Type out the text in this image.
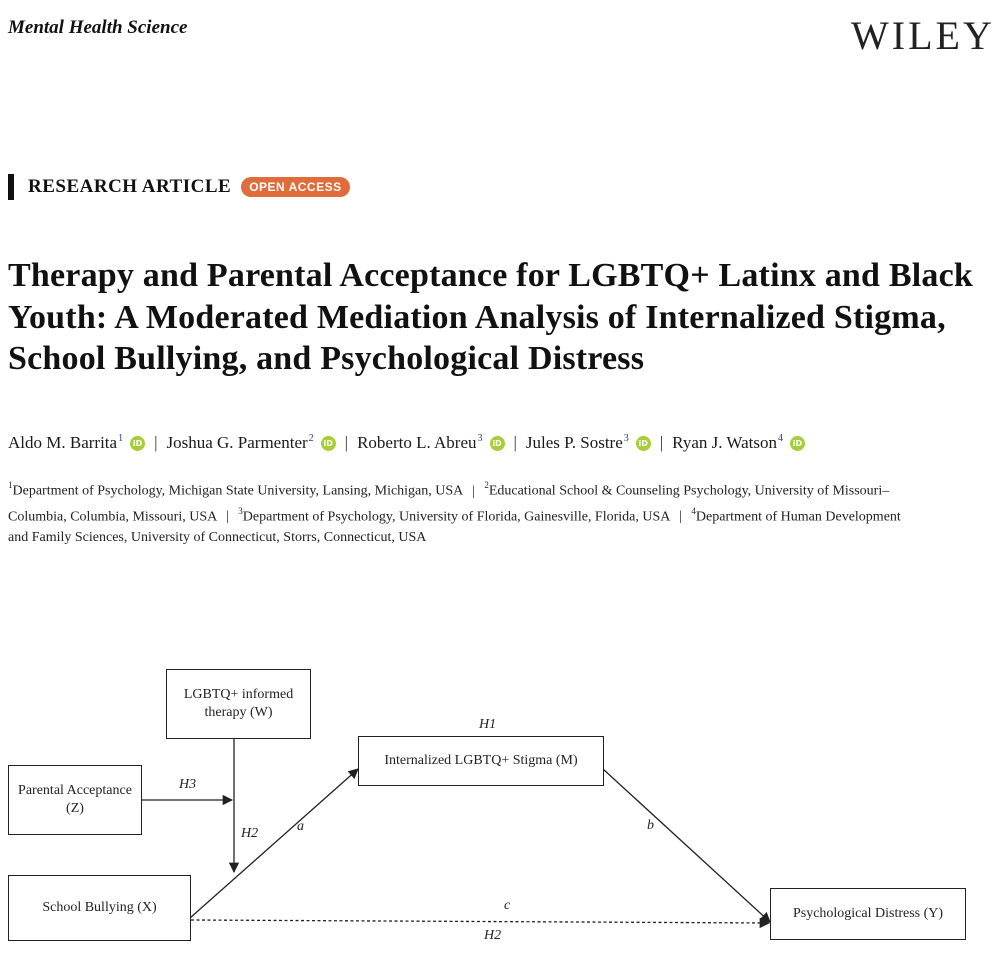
Mental Health Science	WILEY
RESEARCH ARTICLE	OPEN ACCESS
Therapy and Parental Acceptance for LGBTQ+ Latinx and Black Youth: A Moderated Mediation Analysis of Internalized Stigma, School Bullying, and Psychological Distress
Aldo M. Barrita$^1$	iD | Joshua G. Parmenter$^2$	iD | Roberto L. Abreu$^3$	iD | Jules P. Sostre$^3$	iD | Ryan J. Watson$^4$	iD
$^1$Department of Psychology, Michigan State University, Lansing, Michigan, USA | $^2$Educational School & Counseling Psychology, University of Missouri–
Columbia, Columbia, Missouri, USA | $^3$Department of Psychology, University of Florida, Gainesville, Florida, USA | $^4$Department of Human Development
and Family Sciences, University of Connecticut, Storrs, Connecticut, USA
LGBTQ+ informed therapy (W)
Parental Acceptance (Z)
Internalized LGBTQ+ Stigma (M)
School Bullying (X)	Psychological Distress (Y)
H1
H3
H2	a	b
c
H2
